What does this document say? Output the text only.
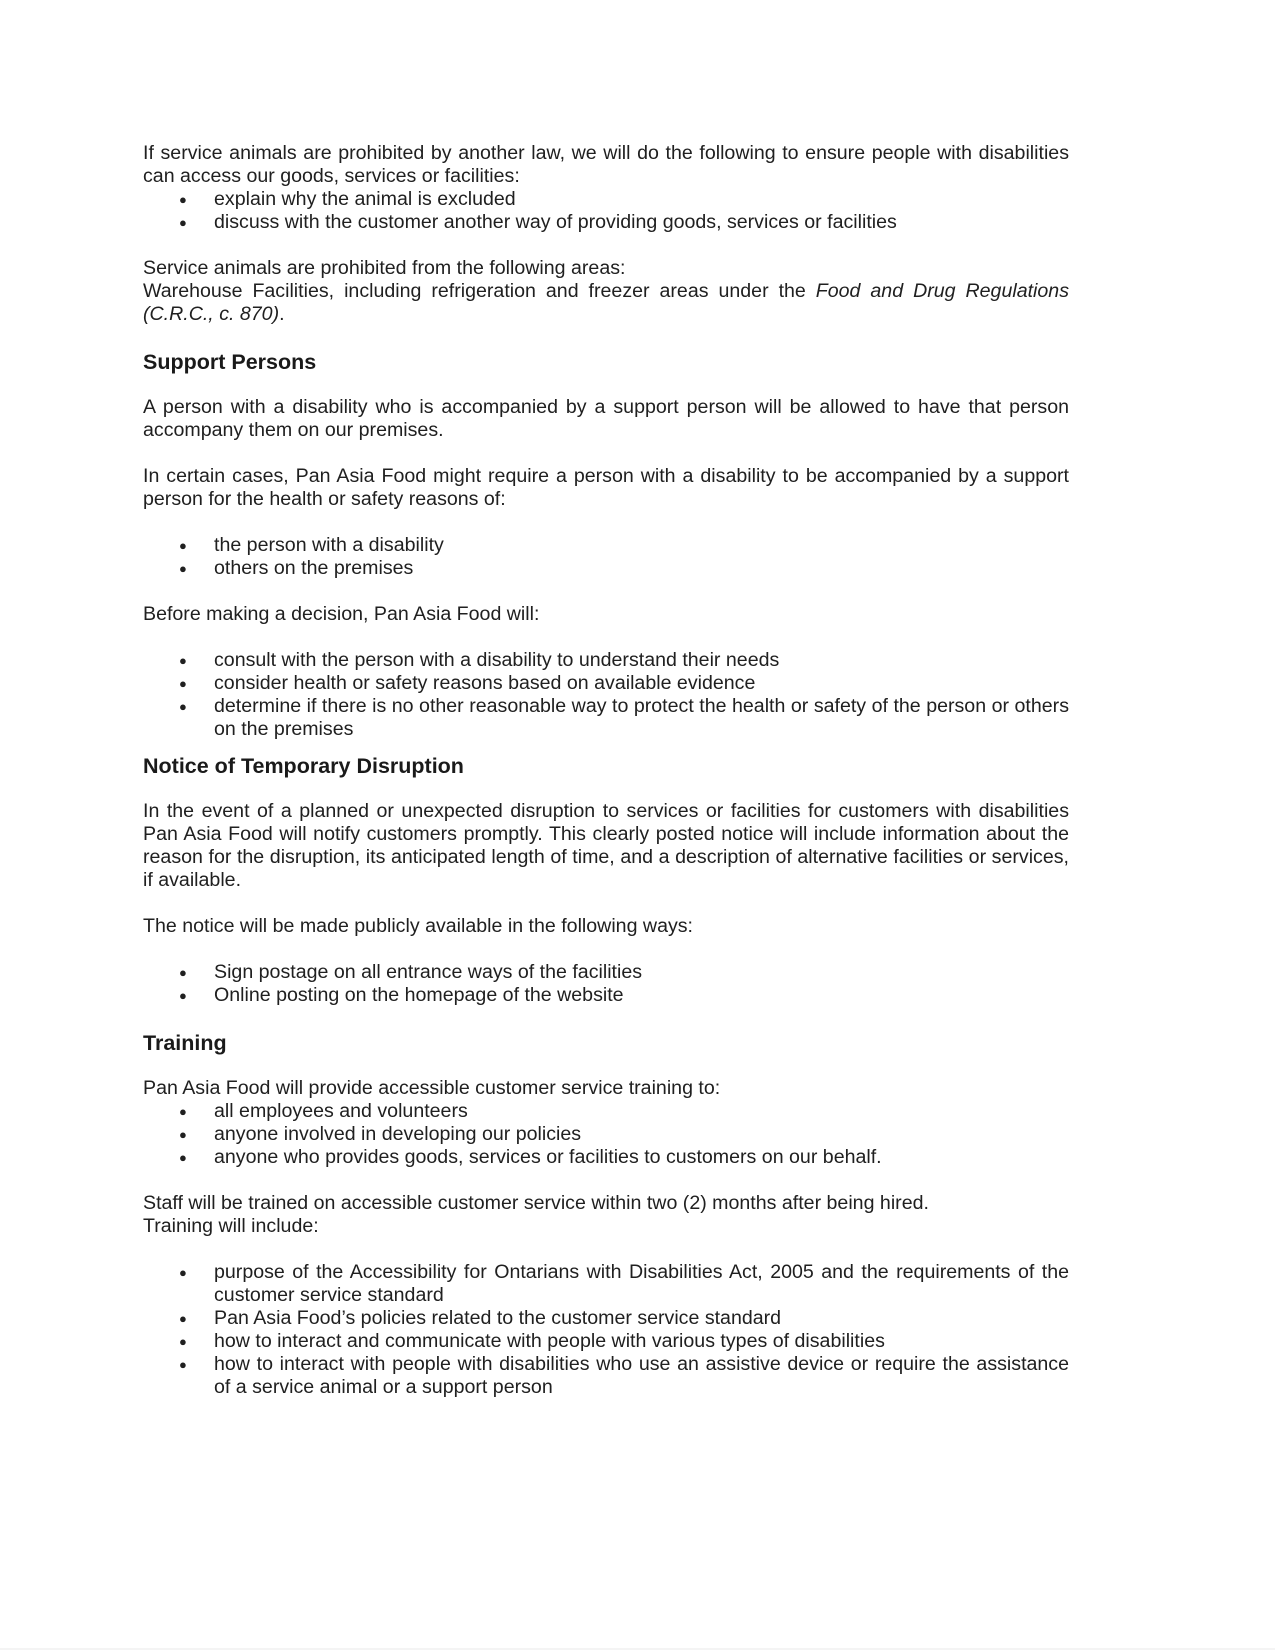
If service animals are prohibited by another law, we will do the following to ensure people with disabilities can access our goods, services or facilities:

●	explain why the animal is excluded
●	discuss with the customer another way of providing goods, services or facilities

Service animals are prohibited from the following areas:

Warehouse Facilities, including refrigeration and freezer areas under the Food and Drug Regulations (C.R.C., c. 870).

Support Persons

A person with a disability who is accompanied by a support person will be allowed to have that person accompany them on our premises.

In certain cases, Pan Asia Food might require a person with a disability to be accompanied by a support person for the health or safety reasons of:

●	the person with a disability
●	others on the premises

Before making a decision, Pan Asia Food will:

●	consult with the person with a disability to understand their needs
●	consider health or safety reasons based on available evidence
●	determine if there is no other reasonable way to protect the health or safety of the person or others on the premises
Notice of Temporary Disruption

In the event of a planned or unexpected disruption to services or facilities for customers with disabilities Pan Asia Food will notify customers promptly. This clearly posted notice will include information about the reason for the disruption, its anticipated length of time, and a description of alternative facilities or services, if available.

The notice will be made publicly available in the following ways:

●	Sign postage on all entrance ways of the facilities
●	Online posting on the homepage of the website
Training

Pan Asia Food will provide accessible customer service training to:

●	all employees and volunteers
●	anyone involved in developing our policies
●	anyone who provides goods, services or facilities to customers on our behalf.

Staff will be trained on accessible customer service within two (2) months after being hired.

Training will include:

●	purpose of the Accessibility for Ontarians with Disabilities Act, 2005 and the requirements of the customer service standard
●	Pan Asia Food’s policies related to the customer service standard
●	how to interact and communicate with people with various types of disabilities
●	how to interact with people with disabilities who use an assistive device or require the assistance of a service animal or a support person
